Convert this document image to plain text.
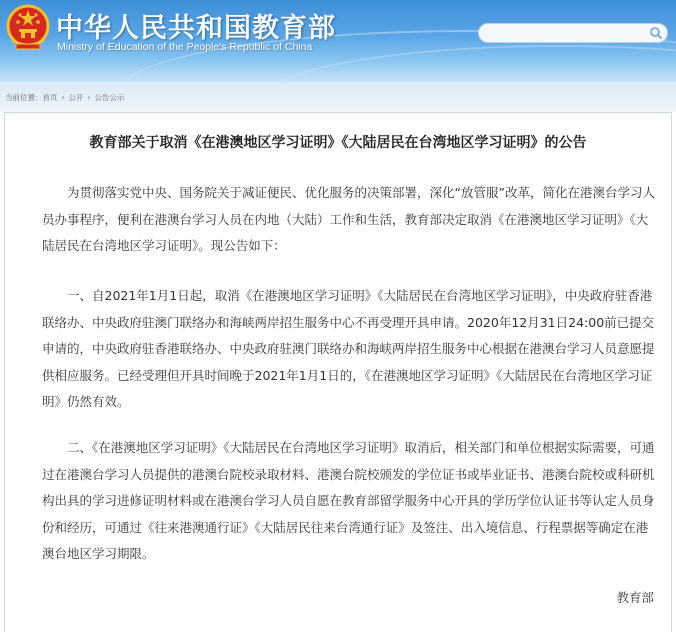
中华人民共和国教育部
Ministry of Education of the People's Republic of China
当前位置：首页 › 公开 › 公告公示
教育部关于取消《在港澳地区学习证明》《大陆居民在台湾地区学习证明》的公告

为贯彻落实党中央、国务院关于减证便民、优化服务的决策部署，深化“放管服”改革，简化在港澳台学习人员办事程序，便利在港澳台学习人员在内地（大陆）工作和生活，教育部决定取消《在港澳地区学习证明》《大陆居民在台湾地区学习证明》。现公告如下：

一、自2021年1月1日起，取消《在港澳地区学习证明》《大陆居民在台湾地区学习证明》，中央政府驻香港联络办、中央政府驻澳门联络办和海峡两岸招生服务中心不再受理开具申请。2020年12月31日24:00前已提交申请的，中央政府驻香港联络办、中央政府驻澳门联络办和海峡两岸招生服务中心根据在港澳台学习人员意愿提供相应服务。已经受理但开具时间晚于2021年1月1日的，《在港澳地区学习证明》《大陆居民在台湾地区学习证明》仍然有效。

二、《在港澳地区学习证明》《大陆居民在台湾地区学习证明》取消后，相关部门和单位根据实际需要，可通过在港澳台学习人员提供的港澳台院校录取材料、港澳台院校颁发的学位证书或毕业证书、港澳台院校或科研机构出具的学习进修证明材料或在港澳台学习人员自愿在教育部留学服务中心开具的学历学位认证书等认定人员身份和经历，可通过《往来港澳通行证》《大陆居民往来台湾通行证》及签注、出入境信息、行程票据等确定在港澳台地区学习期限。

教育部
